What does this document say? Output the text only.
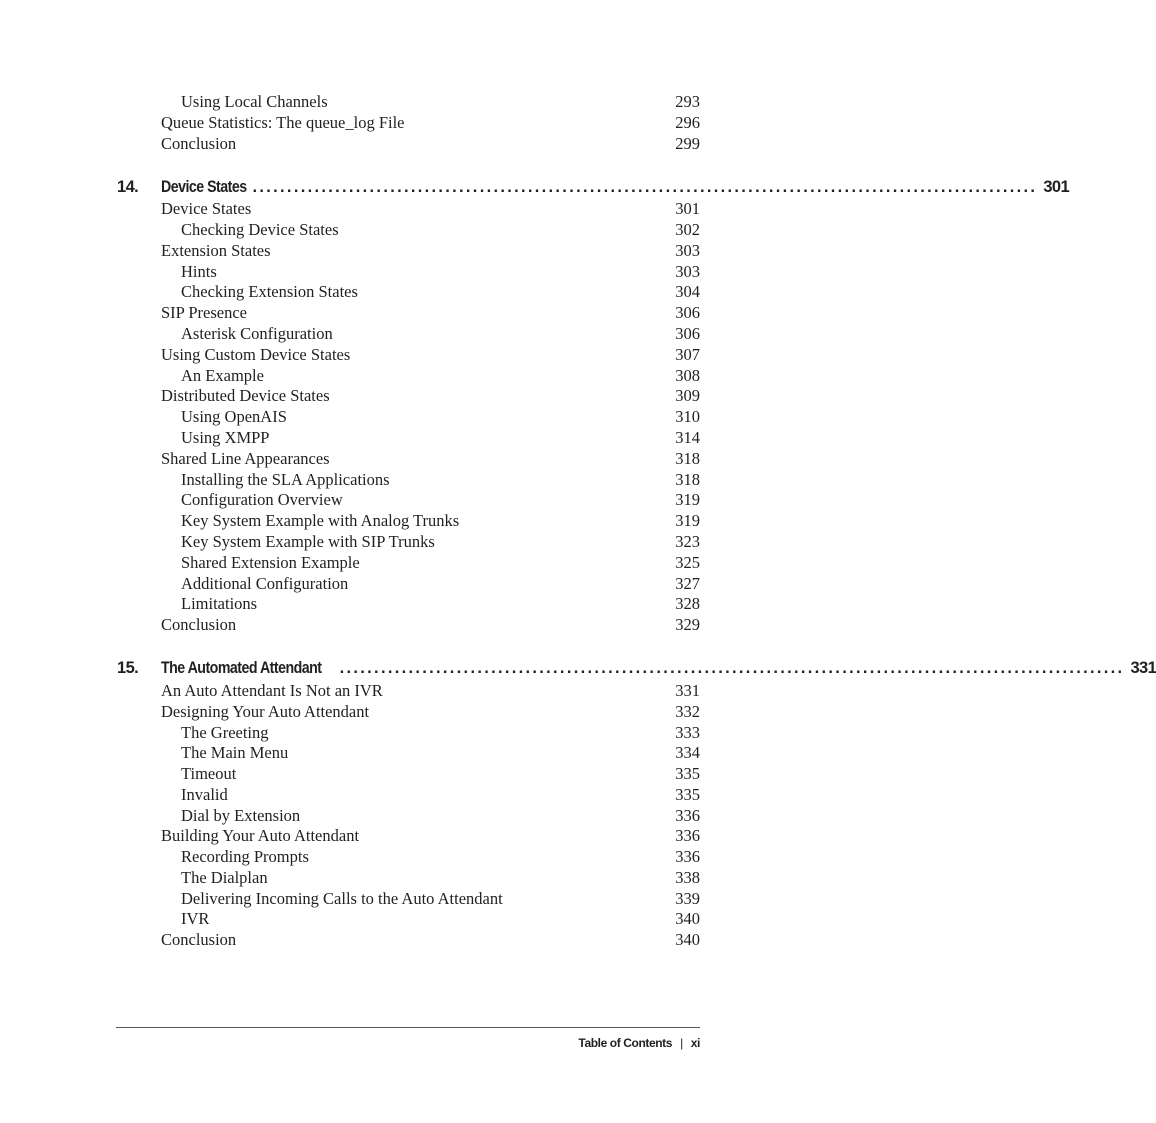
Using Local Channels	293
Queue Statistics: The queue_log File	296
Conclusion	299
14. Device States .................................................................................................................. 301
Device States	301
Checking Device States	302
Extension States	303
Hints	303
Checking Extension States	304
SIP Presence	306
Asterisk Configuration	306
Using Custom Device States	307
An Example	308
Distributed Device States	309
Using OpenAIS	310
Using XMPP	314
Shared Line Appearances	318
Installing the SLA Applications	318
Configuration Overview	319
Key System Example with Analog Trunks	319
Key System Example with SIP Trunks	323
Shared Extension Example	325
Additional Configuration	327
Limitations	328
Conclusion	329
15. The Automated Attendant .................................................................................................................. 331
An Auto Attendant Is Not an IVR	331
Designing Your Auto Attendant	332
The Greeting	333
The Main Menu	334
Timeout	335
Invalid	335
Dial by Extension	336
Building Your Auto Attendant	336
Recording Prompts	336
The Dialplan	338
Delivering Incoming Calls to the Auto Attendant	339
IVR	340
Conclusion	340
Table of Contents | xi
